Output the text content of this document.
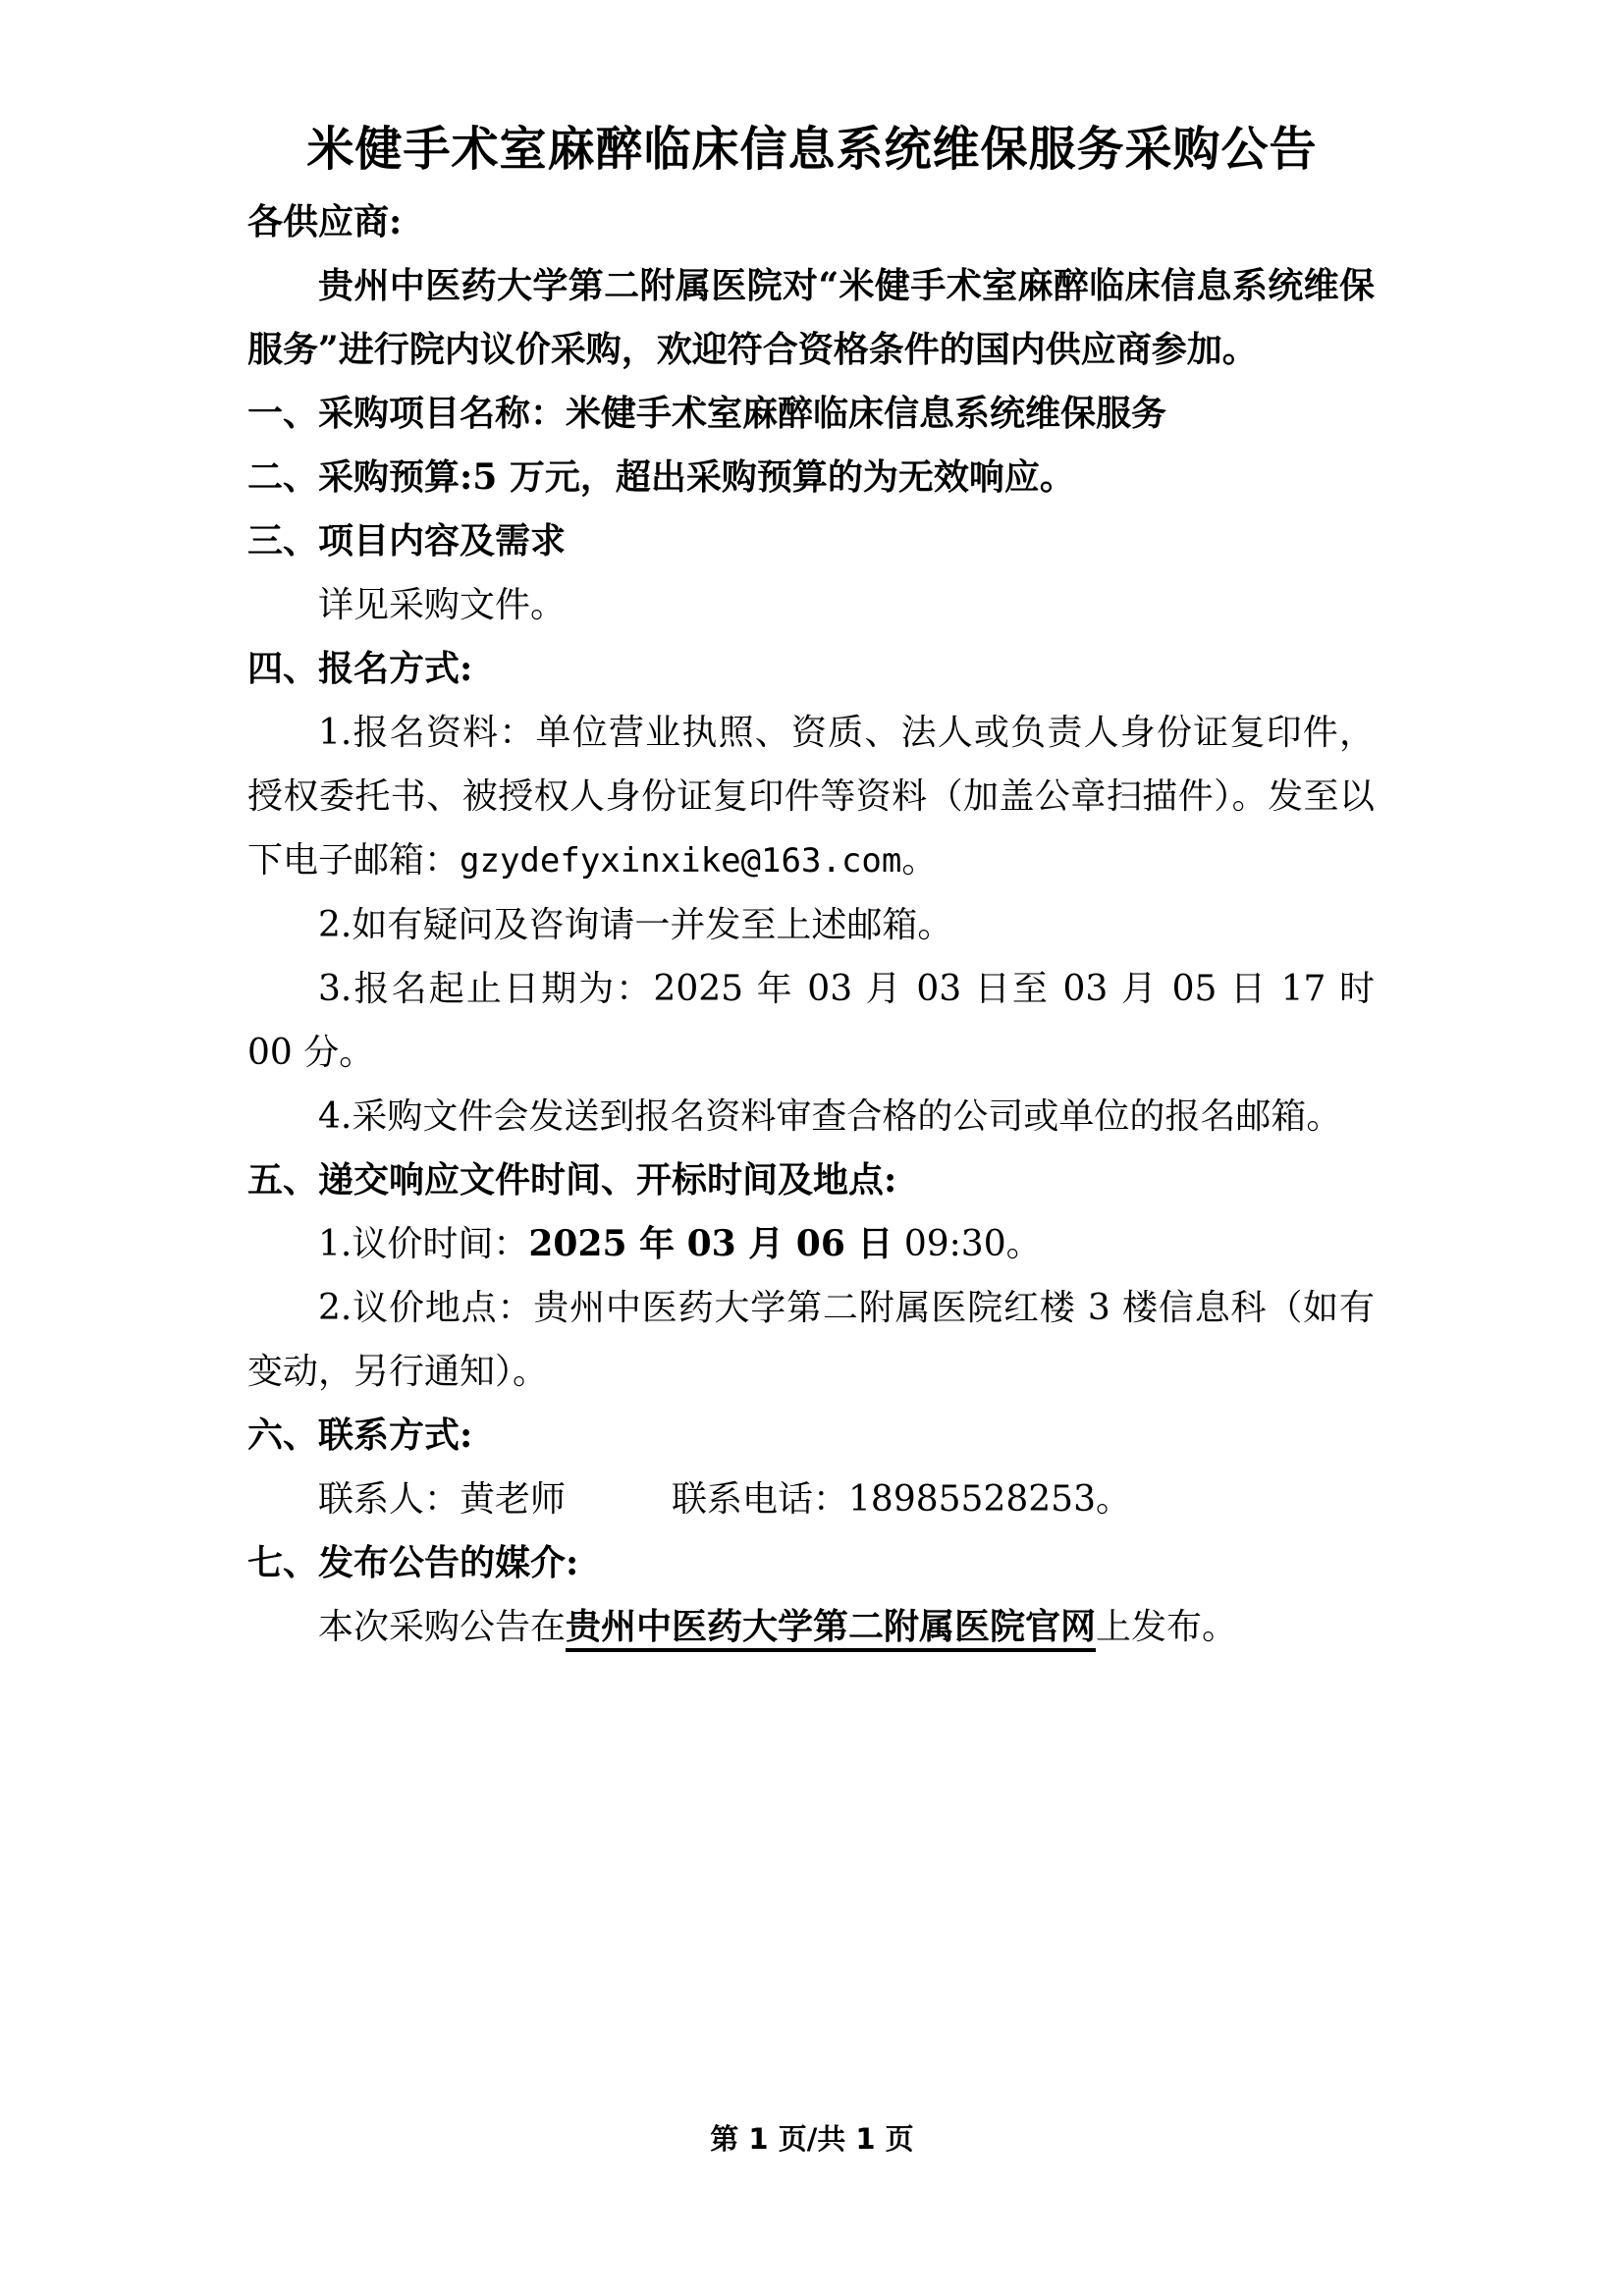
米健手术室麻醉临床信息系统维保服务采购公告

各供应商:

贵州中医药大学第二附属医院对“米健手术室麻醉临床信息系统维保服务”进行院内议价采购，欢迎符合资格条件的国内供应商参加。

一、采购项目名称：米健手术室麻醉临床信息系统维保服务

二、采购预算:5 万元，超出采购预算的为无效响应。

三、项目内容及需求

详见采购文件。

四、报名方式:

1.报名资料：单位营业执照、资质、法人或负责人身份证复印件，授权委托书、被授权人身份证复印件等资料（加盖公章扫描件）。发至以下电子邮箱：gzydefyxinxike@163.com。

2.如有疑问及咨询请一并发至上述邮箱。

3.报名起止日期为：2025 年 03 月 03 日至 03 月 05 日 17 时 00 分。

4.采购文件会发送到报名资料审查合格的公司或单位的报名邮箱。

五、递交响应文件时间、开标时间及地点:

1.议价时间：2025 年 03 月 06 日 09:30。

2.议价地点：贵州中医药大学第二附属医院红楼 3 楼信息科（如有变动，另行通知）。

六、联系方式:

联系人：黄老师	联系电话：18985528253。

七、发布公告的媒介:

本次采购公告在贵州中医药大学第二附属医院官网上发布。

第 1 页/共 1 页
